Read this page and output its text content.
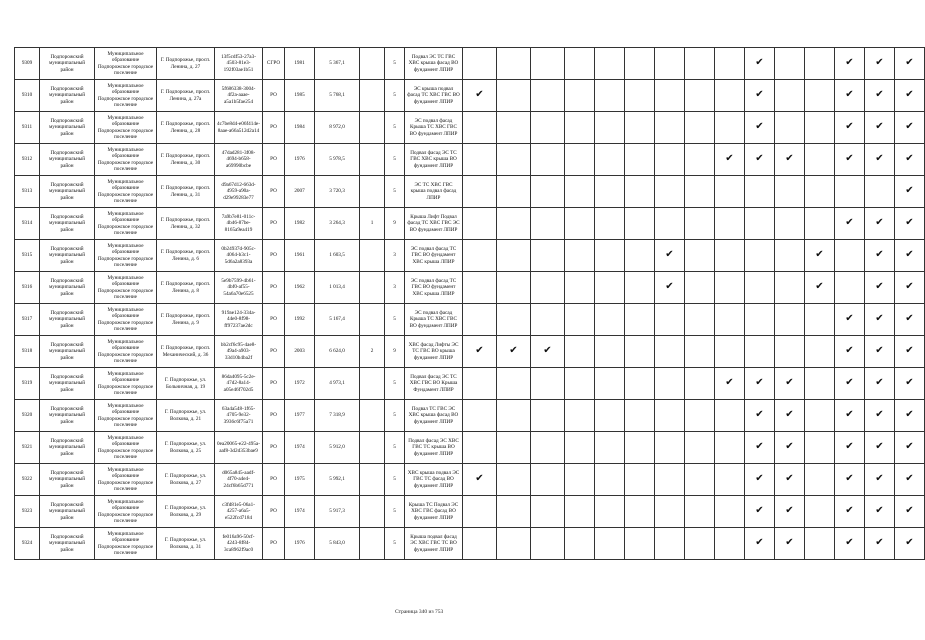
9309	Подпорожский муниципальный район	Муниципальное образование Подпорожское городское поселение	Г. Подпорожье, просп. Ленина, д. 27	13f5cdf53-27a3-4503-81e3-192f03ae1b51	СГРО	1981	5 367,1		5	Подвал ЭС ТС ГВС ХВС крыша фасад ВО фундамент ЛПИР										✔			✔	✔	✔
9310	Подпорожский муниципальный район	Муниципальное образование Подпорожское городское поселение	Г. Подпорожье, просп. Ленина, д. 27а	5f686338-3004-4f2a-aaae-a5a1b5fae254	РО	1985	5 768,1		5	ЭС крыша подвал фасад ТС ХВС ГВС ВО фундамент ЛПИР	✔									✔			✔	✔	✔
9311	Подпорожский муниципальный район	Муниципальное образование Подпорожское городское поселение	Г. Подпорожье, просп. Ленина, д. 28	4c7be8d4-e06f414e-8aae-a66a512d2a14	РО	1984	8 972,0		5	ЭС подвал фасад Крыша ТС ХВС ГВС ВО фундамент ЛПИР										✔			✔	✔	✔
9312	Подпорожский муниципальный район	Муниципальное образование Подпорожское городское поселение	Г. Подпорожье, просп. Ленина, д. 30	47dad281-3f08-4694-b658-a69990bcbe	РО	1976	5 978,5		5	Подвал фасад ЭС ТС ГВС ХВС крыша ВО фундамент ЛПИР									✔	✔	✔		✔	✔	✔
9313	Подпорожский муниципальный район	Муниципальное образование Подпорожское городское поселение	Г. Подпорожье, просп. Ленина, д. 31	d9a67d12-663d-4959-a90a-d29e99283e77	РО	2007	3 720,3		5	ЭС ТС ХВС ГВС крыша подвал фасад ЛПИР															✔
9314	Подпорожский муниципальный район	Муниципальное образование Подпорожское городское поселение	Г. Подпорожье, просп. Ленина, д. 32	7a9b7e81-011c-4b46-87be-8165a9ea419	РО	1982	3 264,3	1	9	Крыша Лифт Подвал фасад ТС ХВС ГВС ЭС ВО фундамент ЛПИР													✔	✔	✔
9315	Подпорожский муниципальный район	Муниципальное образование Подпорожское городское поселение	Г. Подпорожье, просп. Ленина, д. 6	0b24937d-905c-4064-b3c1-5d6a2a8393a	РО	1961	1 603,5		3	ЭС подвал фасад ТС ГВС ВО фундамент ХВС крыша ЛПИР							✔					✔		✔	✔
9316	Подпорожский муниципальный район	Муниципальное образование Подпорожское городское поселение	Г. Подпорожье, просп. Ленина, д. 8	5e9b7599-4b61-4bf0-af55-54a6a70e6525	РО	1962	1 013,4		3	ЭС подвал фасад ТС ГВС ВО фундамент ХВС крыша ЛПИР							✔					✔		✔	✔
9317	Подпорожский муниципальный район	Муниципальное образование Подпорожское городское поселение	Г. Подпорожье, просп. Ленина, д. 9	919ae124-334a-44e0-8f98-ff97237ae2dc	РО	1992	5 167,4		5	ЭС подвал фасад Крыша ТС ХВС ГВС ВО фундамент ЛПИР													✔	✔	✔
9318	Подпорожский муниципальный район	Муниципальное образование Подпорожское городское поселение	Г. Подпорожье, просп. Механический, д. 36	bb2cf6c95-4ae8-49a4-a903-33d10b4ba2f	РО	2003	6 624,0	2	9	ХВС фасад Лифты ЭС ТС ГВС ВО крыша фундамент ЛПИР	✔	✔	✔										✔	✔	✔
9319	Подпорожский муниципальный район	Муниципальное образование Подпорожское городское поселение	Г. Подпорожье, ул. Больничная, д. 19	86da4095-5c2e-47d2-8a14-a05e46f702d5	РО	1972	4 973,1		5	Подвал фасад ЭС ТС ХВС ГВС ВО Крыша Фундамент ЛПИР									✔	✔	✔		✔	✔	✔
9320	Подпорожский муниципальный район	Муниципальное образование Подпорожское городское поселение	Г. Подпорожье, ул. Волкова, д. 21	63a4a548-1f65-4705-9e32-3936c6f75a71	РО	1977	7 318,9		5	Подвал ТС ГВС ЭС ХВС крыша фасад ВО фундамент ЛПИР										✔	✔		✔	✔	✔
9321	Подпорожский муниципальный район	Муниципальное образование Подпорожское городское поселение	Г. Подпорожье, ул. Волкова, д. 25	0ea20065-e22-495a-aaf8-3d2d353bae9	РО	1974	5 912,0		5	Подвал фасад ЭС ХВС ГВС ТС крыша ВО фундамент ЛПИР										✔	✔		✔	✔	✔
9322	Подпорожский муниципальный район	Муниципальное образование Подпорожское городское поселение	Г. Подпорожье, ул. Волкова, д. 27	d065a845-aadf-4f70-a4e4-24cf6b65d771	РО	1975	5 992,1		5	ХВС крыша подвал ЭС ГВС ТС фасад ВО фундамент ЛПИР	✔									✔	✔		✔	✔	✔
9323	Подпорожский муниципальный район	Муниципальное образование Подпорожское городское поселение	Г. Подпорожье, ул. Волкова, д. 29	c3fd81e5-06a1-4257-a6a5-e522fcd7184	РО	1974	5 917,3		5	Крыша ТС Подвал ЭС ХВС ГВС фасад ВО фундамент ЛПИР										✔	✔		✔	✔	✔
9324	Подпорожский муниципальный район	Муниципальное образование Подпорожское городское поселение	Г. Подпорожье, ул. Волкова, д. 31	fe016a96-50cf-4243-8f84-3ca8962f9ac0	РО	1976	5 843,0		5	Крыша подвал фасад ЭС ХВС ГВС ТС ВО фундамент ЛПИР										✔	✔		✔	✔	✔
Страница 340 из 753
